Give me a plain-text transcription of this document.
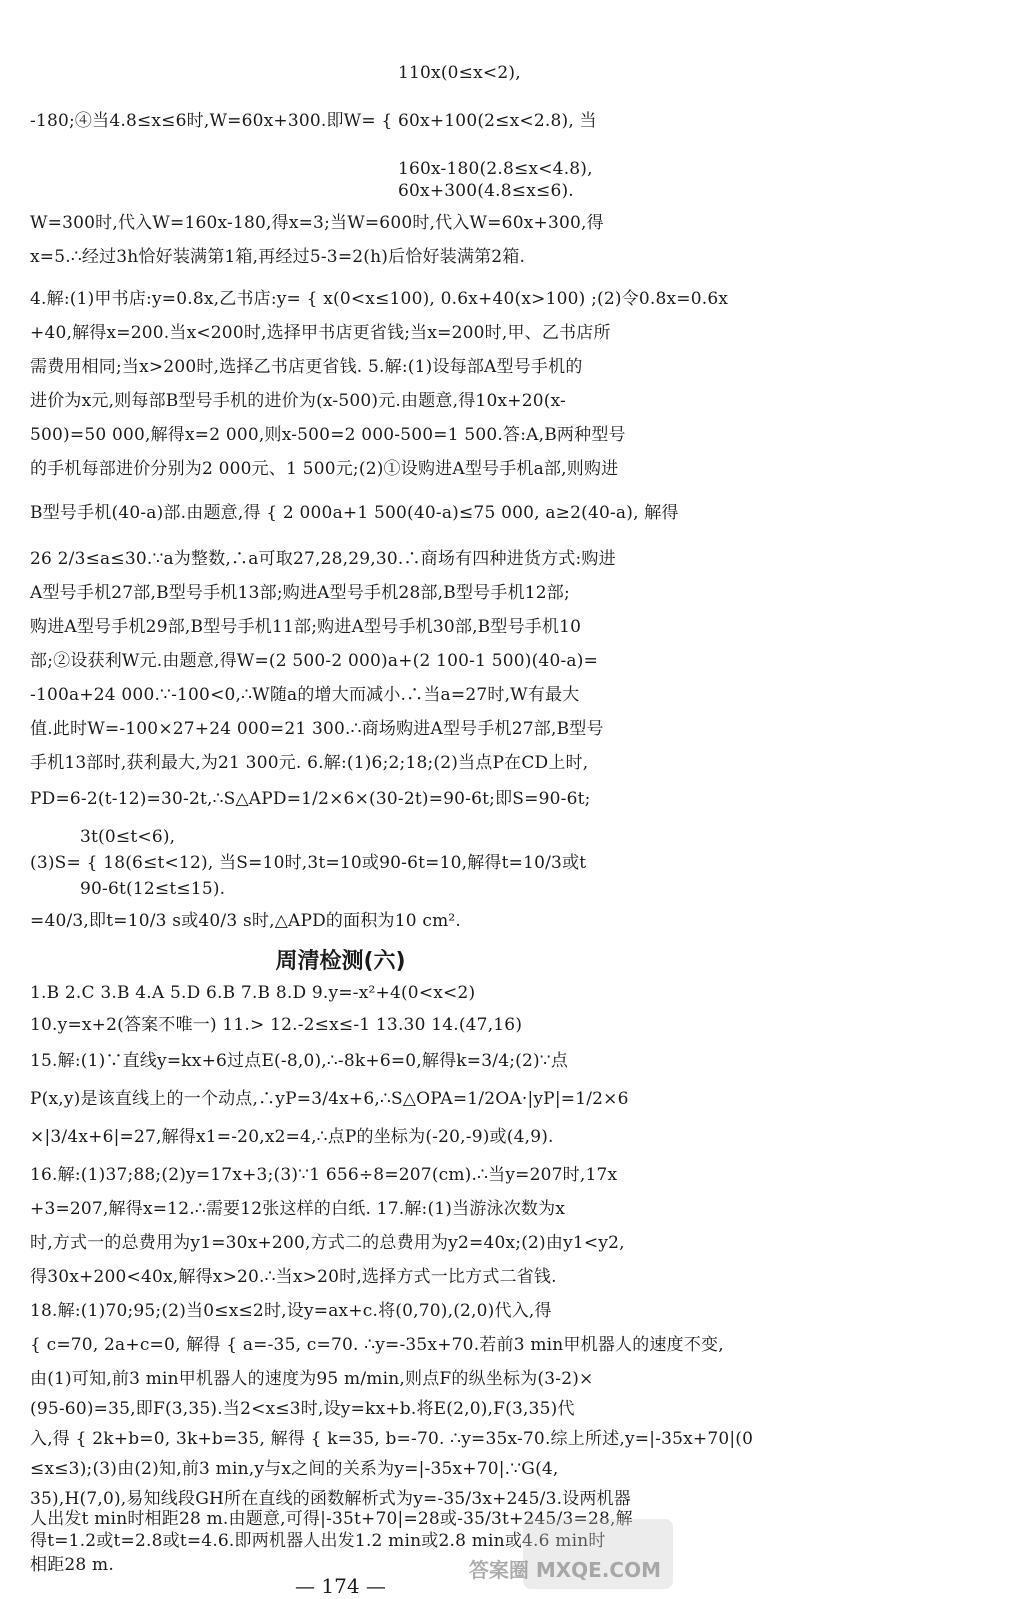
110x(0≤x<2),
-180;④当4.8≤x≤6时,W=60x+300.即W= { 60x+100(2≤x<2.8), 当
160x-180(2.8≤x<4.8),
60x+300(4.8≤x≤6).
W=300时,代入W=160x-180,得x=3;当W=600时,代入W=60x+300,得
x=5.∴经过3h恰好装满第1箱,再经过5-3=2(h)后恰好装满第2箱.
4.解:(1)甲书店:y=0.8x,乙书店:y= { x(0<x≤100), 0.6x+40(x>100) ;(2)令0.8x=0.6x
+40,解得x=200.当x<200时,选择甲书店更省钱;当x=200时,甲、乙书店所
需费用相同;当x>200时,选择乙书店更省钱. 5.解:(1)设每部A型号手机的
进价为x元,则每部B型号手机的进价为(x-500)元.由题意,得10x+20(x-
500)=50 000,解得x=2 000,则x-500=2 000-500=1 500.答:A,B两种型号
的手机每部进价分别为2 000元、1 500元;(2)①设购进A型号手机a部,则购进
B型号手机(40-a)部.由题意,得 { 2 000a+1 500(40-a)≤75 000, a≥2(40-a), 解得
26 2/3≤a≤30.∵a为整数,∴a可取27,28,29,30.∴商场有四种进货方式:购进
A型号手机27部,B型号手机13部;购进A型号手机28部,B型号手机12部;
购进A型号手机29部,B型号手机11部;购进A型号手机30部,B型号手机10
部;②设获利W元.由题意,得W=(2 500-2 000)a+(2 100-1 500)(40-a)=
-100a+24 000.∵-100<0,∴W随a的增大而减小.∴当a=27时,W有最大
值.此时W=-100×27+24 000=21 300.∴商场购进A型号手机27部,B型号
手机13部时,获利最大,为21 300元. 6.解:(1)6;2;18;(2)当点P在CD上时,
PD=6-2(t-12)=30-2t,∴S△APD=1/2×6×(30-2t)=90-6t;即S=90-6t;
3t(0≤t<6),
(3)S= { 18(6≤t<12), 当S=10时,3t=10或90-6t=10,解得t=10/3或t
90-6t(12≤t≤15).
=40/3,即t=10/3 s或40/3 s时,△APD的面积为10 cm².
周清检测(六)
1.B 2.C 3.B 4.A 5.D 6.B 7.B 8.D 9.y=-x²+4(0<x<2)
10.y=x+2(答案不唯一) 11.> 12.-2≤x≤-1 13.30 14.(47,16)
15.解:(1)∵直线y=kx+6过点E(-8,0),∴-8k+6=0,解得k=3/4;(2)∵点
P(x,y)是该直线上的一个动点,∴yP=3/4x+6,∴S△OPA=1/2OA·|yP|=1/2×6
×|3/4x+6|=27,解得x1=-20,x2=4,∴点P的坐标为(-20,-9)或(4,9).
16.解:(1)37;88;(2)y=17x+3;(3)∵1 656÷8=207(cm).∴当y=207时,17x
+3=207,解得x=12.∴需要12张这样的白纸. 17.解:(1)当游泳次数为x
时,方式一的总费用为y1=30x+200,方式二的总费用为y2=40x;(2)由y1<y2,
得30x+200<40x,解得x>20.∴当x>20时,选择方式一比方式二省钱.
18.解:(1)70;95;(2)当0≤x≤2时,设y=ax+c.将(0,70),(2,0)代入,得
{ c=70, 2a+c=0, 解得 { a=-35, c=70. ∴y=-35x+70.若前3 min甲机器人的速度不变,
由(1)可知,前3 min甲机器人的速度为95 m/min,则点F的纵坐标为(3-2)×
(95-60)=35,即F(3,35).当2<x≤3时,设y=kx+b.将E(2,0),F(3,35)代
入,得 { 2k+b=0, 3k+b=35, 解得 { k=35, b=-70. ∴y=35x-70.综上所述,y=|-35x+70|(0
≤x≤3);(3)由(2)知,前3 min,y与x之间的关系为y=|-35x+70|.∵G(4,
35),H(7,0),易知线段GH所在直线的函数解析式为y=-35/3x+245/3.设两机器
人出发t min时相距28 m.由题意,可得|-35t+70|=28或-35/3t+245/3=28,解
得t=1.2或t=2.8或t=4.6.即两机器人出发1.2 min或2.8 min或4.6 min时
相距28 m.
— 174 —
答案圈 MXQE.COM
